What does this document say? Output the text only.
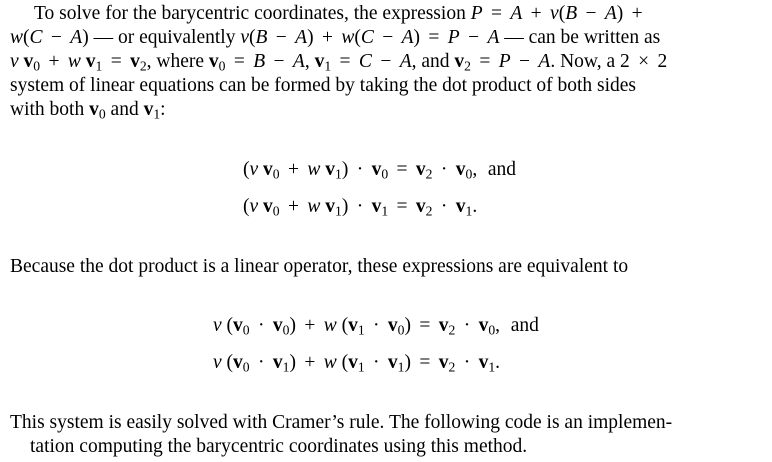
To solve for the barycentric coordinates, the expression P = A + v(B − A) +
w(C − A) — or equivalently v(B − A) + w(C − A) = P − A — can be written as
v $v_0 + w$ $v_1 = v_2$, where $v_0 = B - A$, $v_1 = C - A$, and $v_2 = P - A$. Now, a 2 × 2
system of linear equations can be formed by taking the dot product of both sides
with both $v_0$ and $v_1$:
(v $v_0 + w$ $v_1) \cdot v_0 = v_2 \cdot v_0$, and
(v $v_0 + w$ $v_1) \cdot v_1 = v_2 \cdot v_1$.
Because the dot product is a linear operator, these expressions are equivalent to
v $(v_0 \cdot v_0) + w$ $(v_1 \cdot v_0) = v_2 \cdot v_0$, and
v $(v_0 \cdot v_1) + w$ $(v_1 \cdot v_1) = v_2 \cdot v_1$.
This system is easily solved with Cramer’s rule. The following code is an implemen-
tation computing the barycentric coordinates using this method.
